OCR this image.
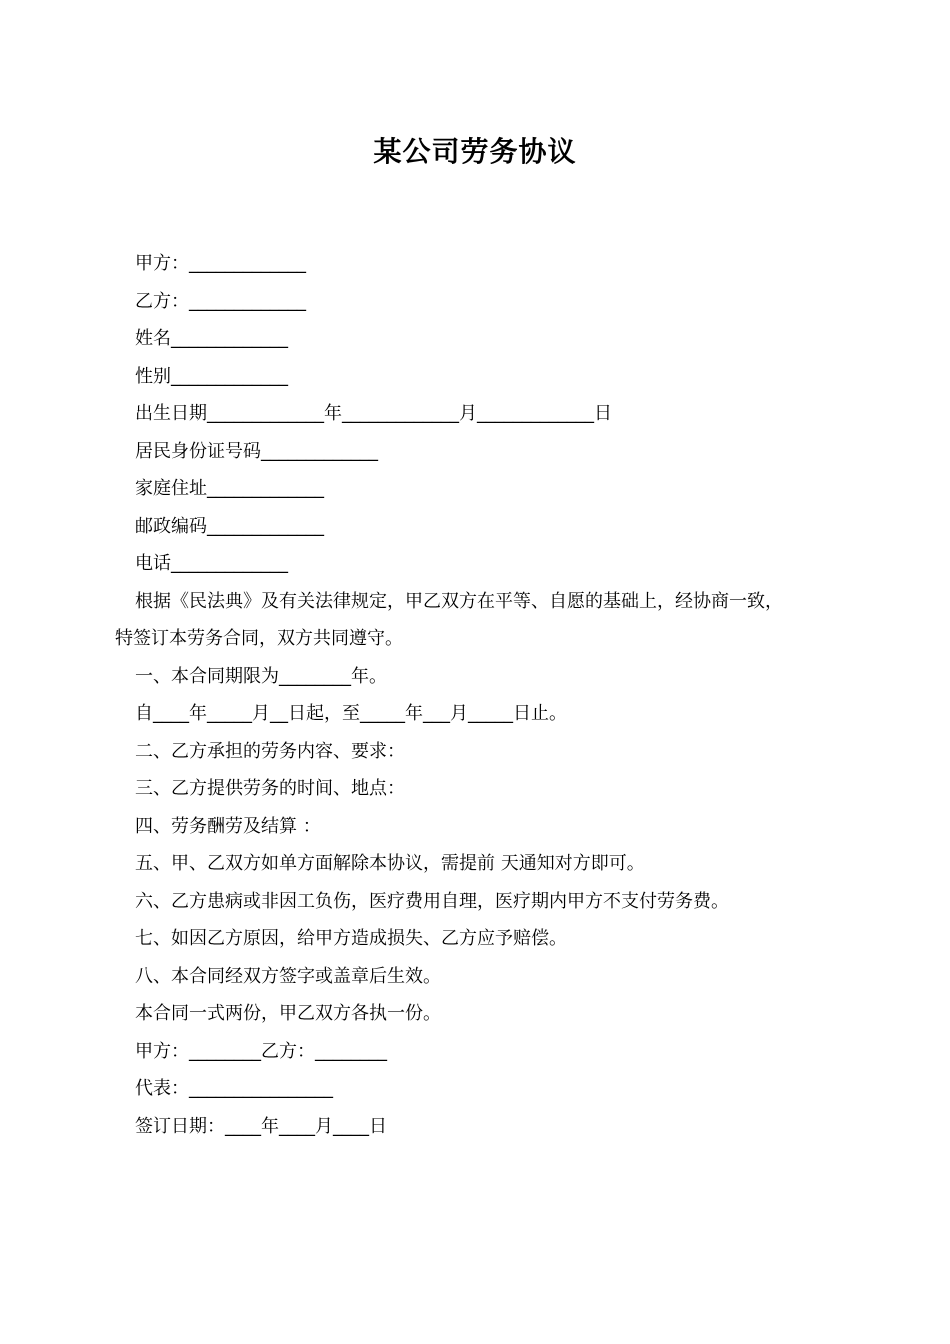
某公司劳务协议
甲方：_____________
乙方：_____________
姓名_____________
性别_____________
出生日期_____________年_____________月_____________日
居民身份证号码_____________
家庭住址_____________
邮政编码_____________
电话_____________
根据《民法典》及有关法律规定，甲乙双方在平等、自愿的基础上，经协商一致，
特签订本劳务合同，双方共同遵守。
一、本合同期限为________年。
自____年_____月__日起，至_____年___月_____日止。
二、乙方承担的劳务内容、要求：
三、乙方提供劳务的时间、地点：
四、劳务酬劳及结算 ：
五、甲、乙双方如单方面解除本协议，需提前 天通知对方即可。
六、乙方患病或非因工负伤，医疗费用自理，医疗期内甲方不支付劳务费。
七、如因乙方原因，给甲方造成损失、乙方应予赔偿。
八、本合同经双方签字或盖章后生效。
本合同一式两份，甲乙双方各执一份。
甲方：________乙方：________
代表：________________
签订日期：____年____月____日
